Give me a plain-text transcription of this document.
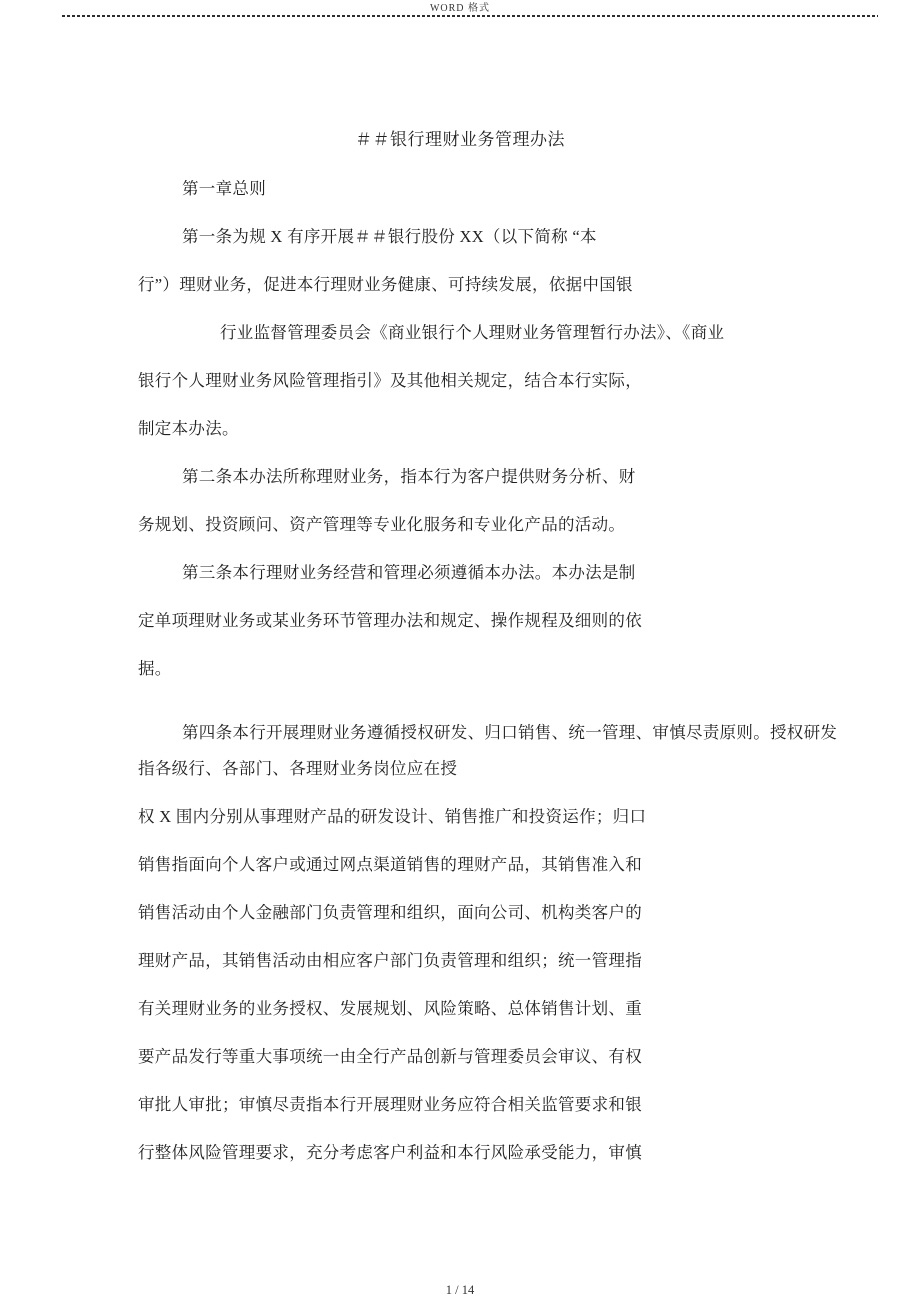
WORD 格式
＃＃银行理财业务管理办法
第一章总则
第一条为规 X 有序开展＃＃银行股份 XX（以下简称 “本
行”）理财业务，促进本行理财业务健康、可持续发展，依据中国银
行业监督管理委员会《商业银行个人理财业务管理暂行办法》、《商业
银行个人理财业务风险管理指引》及其他相关规定，结合本行实际，
制定本办法。
第二条本办法所称理财业务，指本行为客户提供财务分析、财
务规划、投资顾问、资产管理等专业化服务和专业化产品的活动。
第三条本行理财业务经营和管理必须遵循本办法。本办法是制
定单项理财业务或某业务环节管理办法和规定、操作规程及细则的依
据。
第四条本行开展理财业务遵循授权研发、归口销售、统一管理、审慎尽责原则。授权研发
指各级行、各部门、各理财业务岗位应在授
权 X 围内分别从事理财产品的研发设计、销售推广和投资运作；归口
销售指面向个人客户或通过网点渠道销售的理财产品，其销售准入和
销售活动由个人金融部门负责管理和组织，面向公司、机构类客户的
理财产品，其销售活动由相应客户部门负责管理和组织；统一管理指
有关理财业务的业务授权、发展规划、风险策略、总体销售计划、重
要产品发行等重大事项统一由全行产品创新与管理委员会审议、有权
审批人审批；审慎尽责指本行开展理财业务应符合相关监管要求和银
行整体风险管理要求，充分考虑客户利益和本行风险承受能力，审慎
1 / 14
